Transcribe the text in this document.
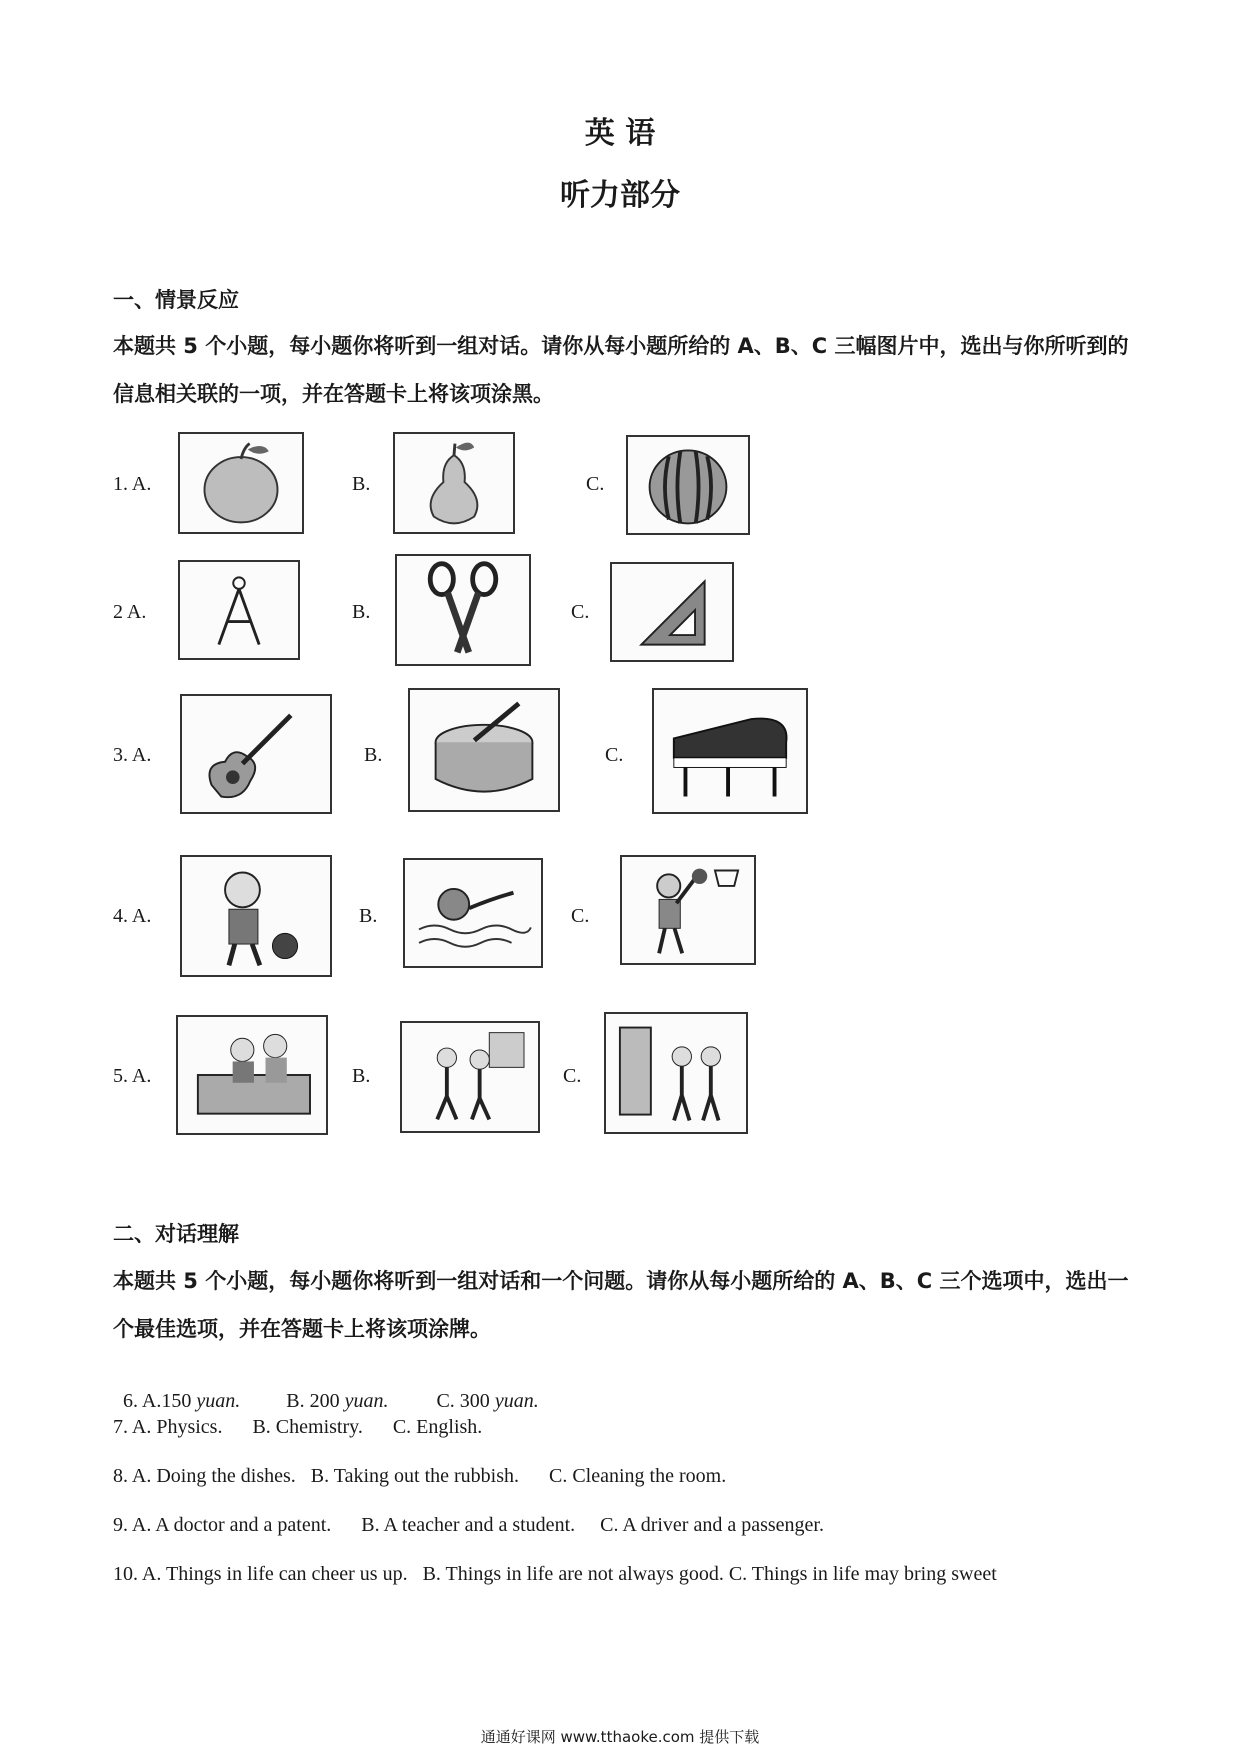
英 语
听力部分
一、情景反应
本题共 5 个小题，每小题你将听到一组对话。请你从每小题所给的 A、B、C 三幅图片中，选出与你所听到的信息相关联的一项，并在答题卡上将该项涂黑。
1. A.	B.	C.
2 A.	B.	C.
3. A.	B.	C.
4. A.	B.	C.
5. A.	B.	C.
二、对话理解
本题共 5 个小题，每小题你将听到一组对话和一个问题。请你从每小题所给的 A、B、C 三个选项中，选出一个最佳选项，并在答题卡上将该项涂牌。

6. A.150 yuan. B. 200 yuan. C. 300 yuan.

7. A. Physics.      B. Chemistry.      C. English.
8. A. Doing the dishes.   B. Taking out the rubbish.      C. Cleaning the room.
9. A. A doctor and a patent.      B. A teacher and a student.     C. A driver and a passenger.
10. A. Things in life can cheer us up.   B. Things in life are not always good. C. Things in life may bring sweet
通通好课网 www.tthaoke.com 提供下载
